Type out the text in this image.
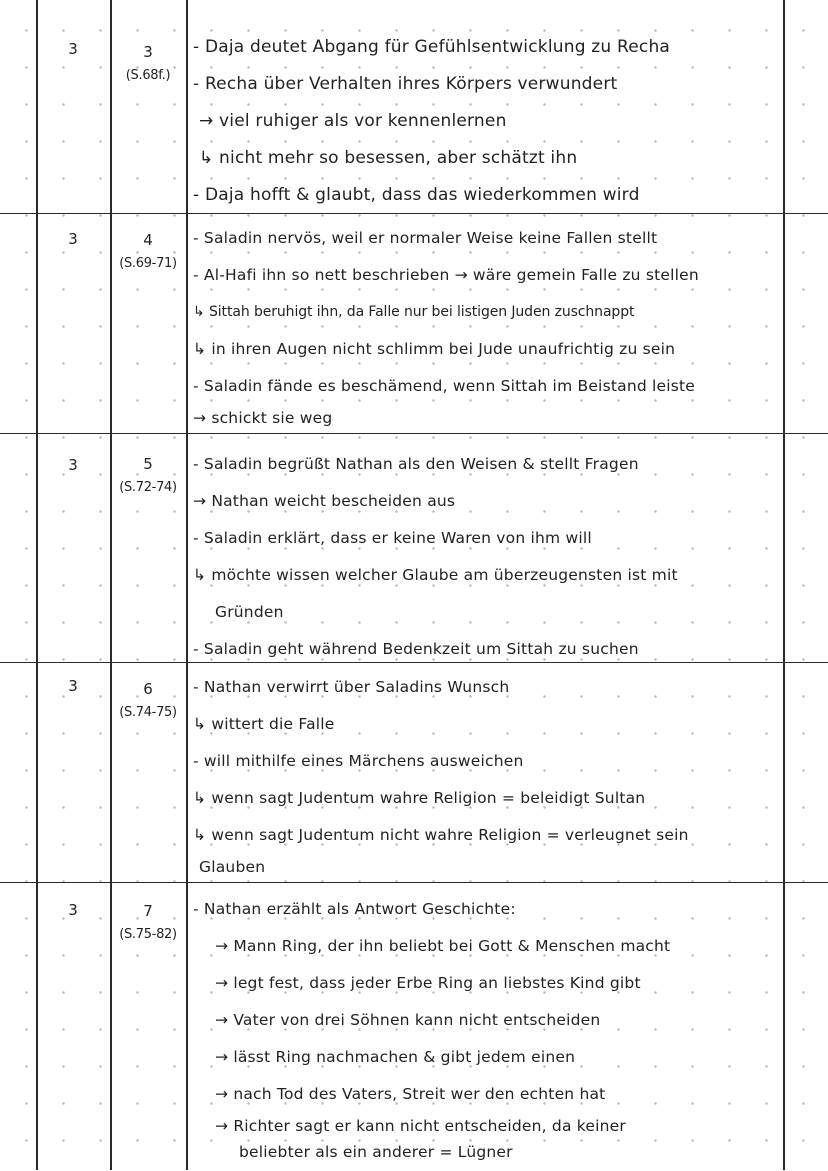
3	3
(S.68f.)
- Daja deutet Abgang für Gefühlsentwicklung zu Recha
- Recha über Verhalten ihres Körpers verwundert
→ viel ruhiger als vor kennenlernen
↳ nicht mehr so besessen, aber schätzt ihn
- Daja hofft & glaubt, dass das wiederkommen wird
3	4
(S.69-71)
- Saladin nervös, weil er normaler Weise keine Fallen stellt
- Al-Hafi ihn so nett beschrieben → wäre gemein Falle zu stellen
↳ Sittah beruhigt ihn, da Falle nur bei listigen Juden zuschnappt
↳ in ihren Augen nicht schlimm bei Jude unaufrichtig zu sein
- Saladin fände es beschämend, wenn Sittah im Beistand leiste
→ schickt sie weg
3	5
(S.72-74)
- Saladin begrüßt Nathan als den Weisen & stellt Fragen
→ Nathan weicht bescheiden aus
- Saladin erklärt, dass er keine Waren von ihm will
↳ möchte wissen welcher Glaube am überzeugensten ist mit
Gründen
- Saladin geht während Bedenkzeit um Sittah zu suchen
3	6
(S.74-75)
- Nathan verwirrt über Saladins Wunsch
↳ wittert die Falle
- will mithilfe eines Märchens ausweichen
↳ wenn sagt Judentum wahre Religion = beleidigt Sultan
↳ wenn sagt Judentum nicht wahre Religion = verleugnet sein
Glauben
3	7
(S.75-82)
- Nathan erzählt als Antwort Geschichte:
→ Mann Ring, der ihn beliebt bei Gott & Menschen macht
→ legt fest, dass jeder Erbe Ring an liebstes Kind gibt
→ Vater von drei Söhnen kann nicht entscheiden
→ lässt Ring nachmachen & gibt jedem einen
→ nach Tod des Vaters, Streit wer den echten hat
→ Richter sagt er kann nicht entscheiden, da keiner
beliebter als ein anderer = Lügner
